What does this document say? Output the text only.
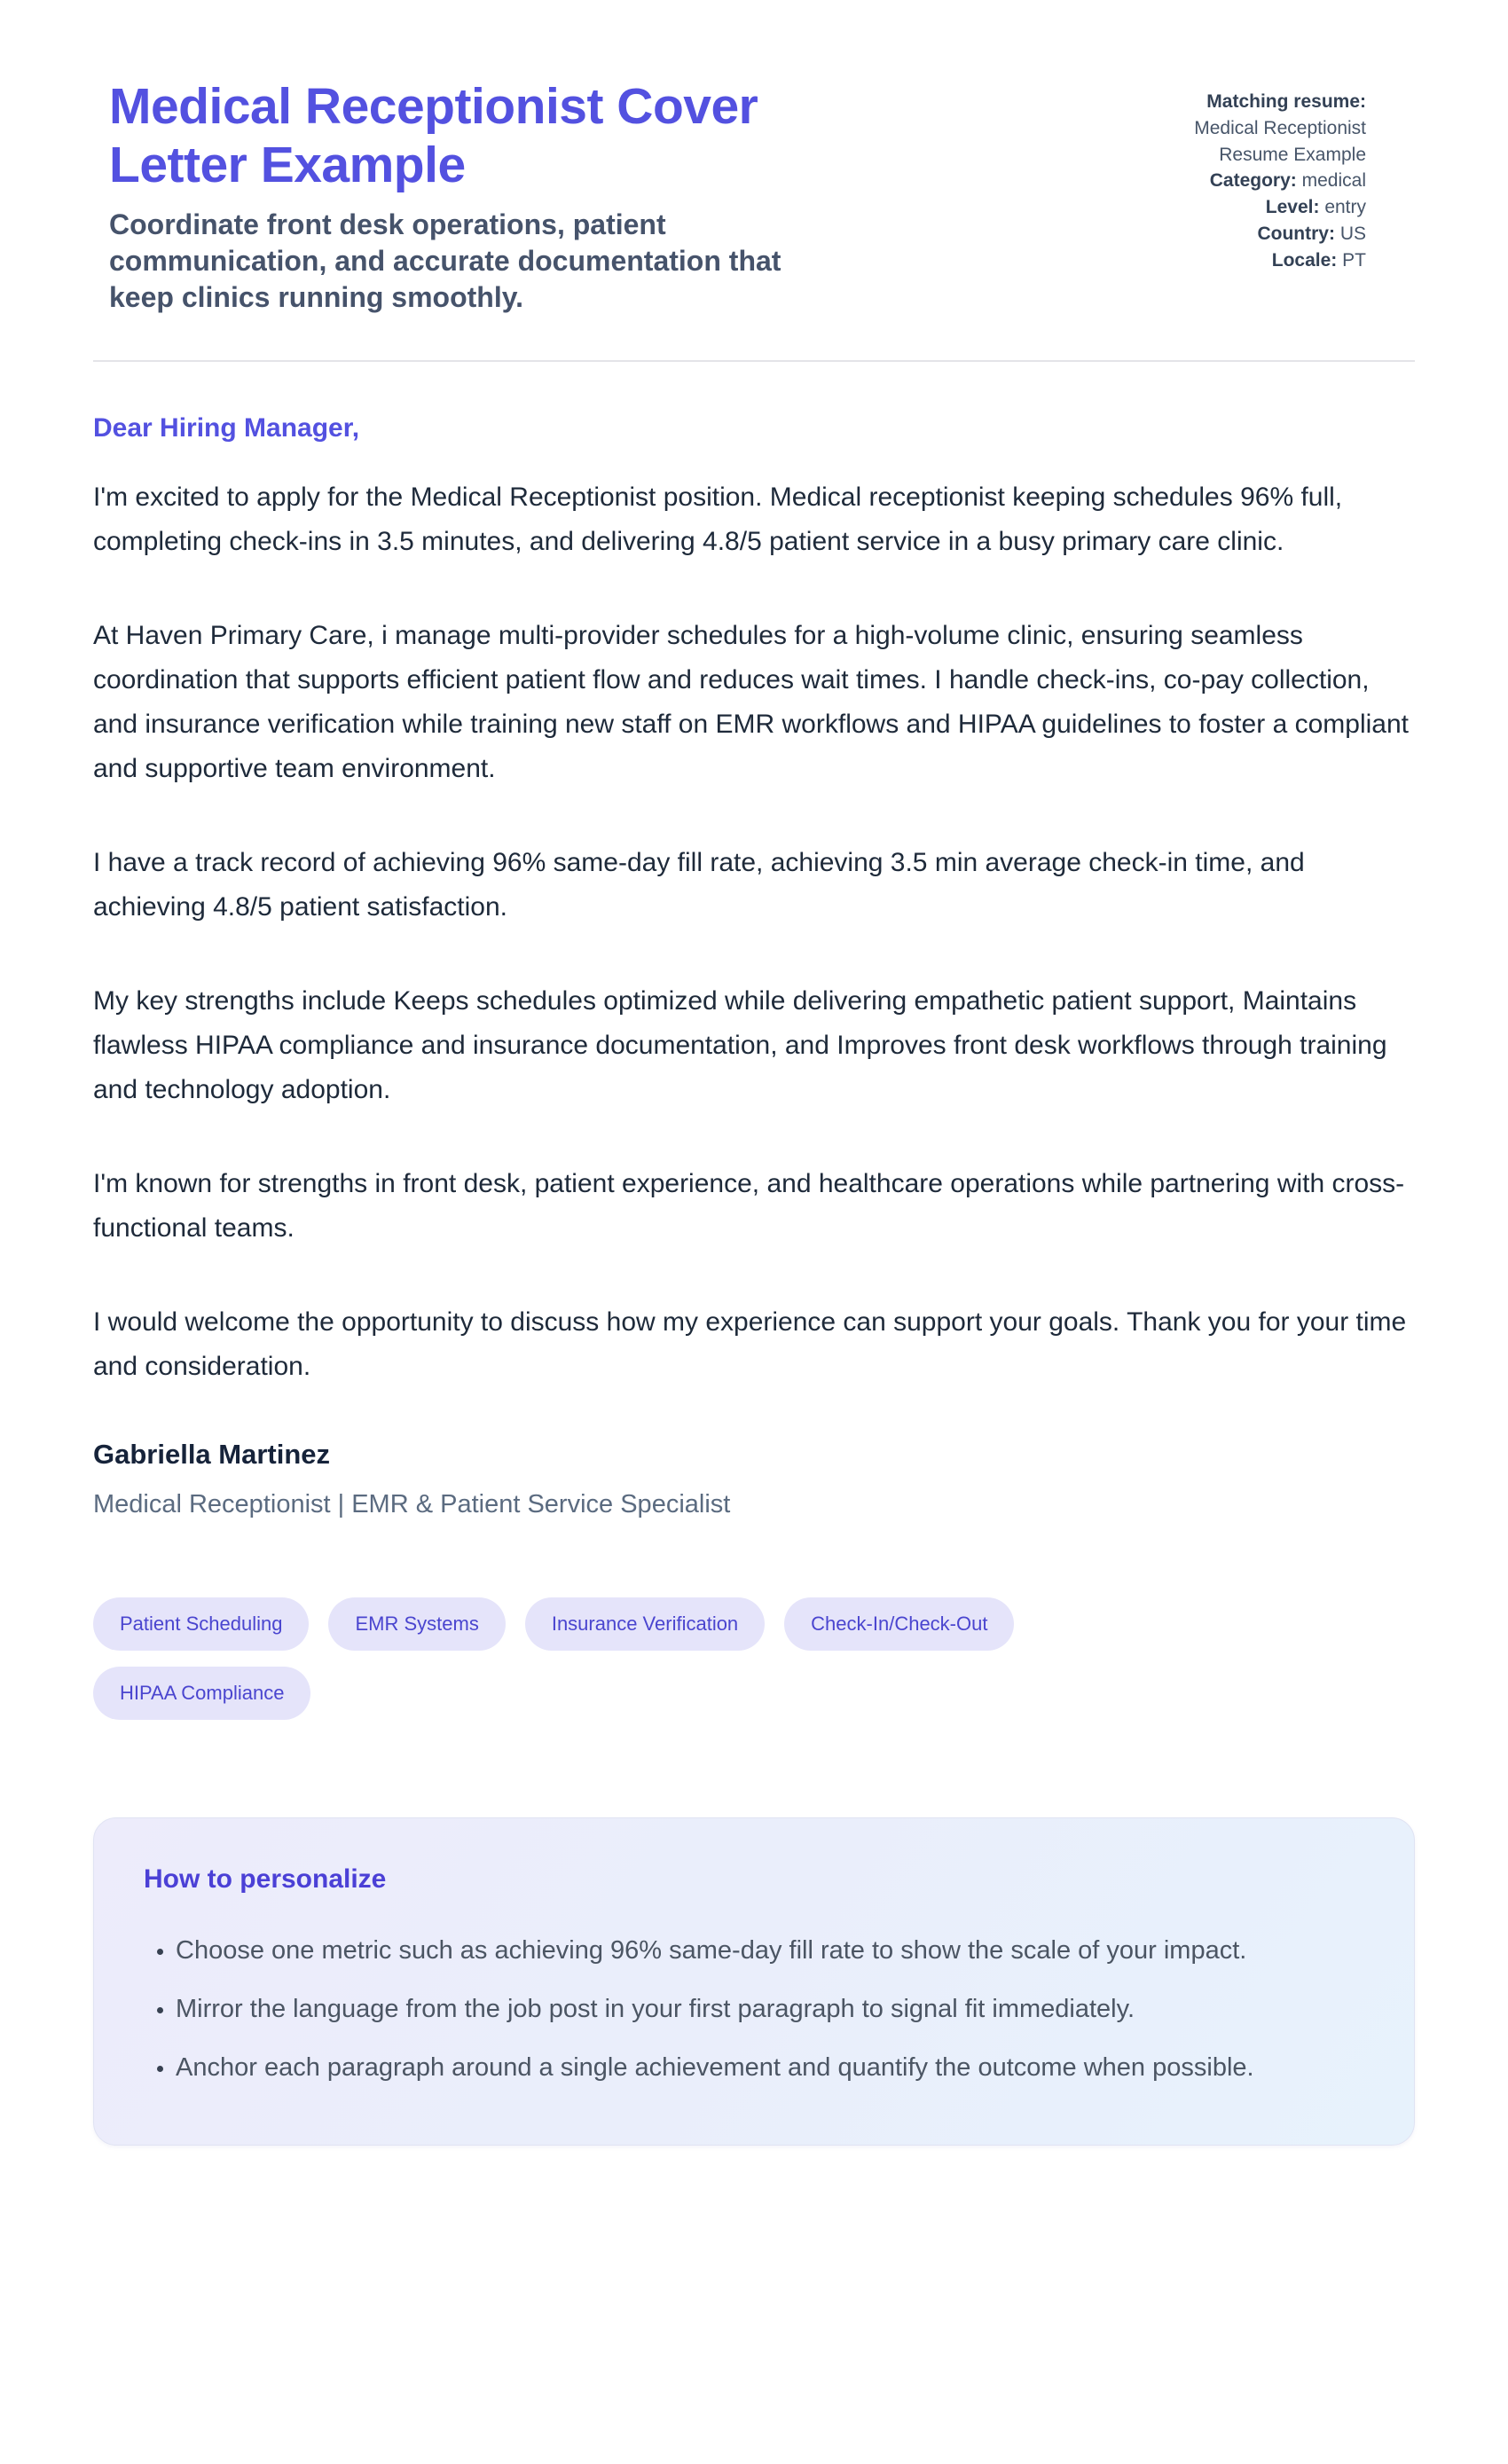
Medical Receptionist Cover Letter Example

Coordinate front desk operations, patient communication, and accurate documentation that keep clinics running smoothly.

Matching resume:
Medical Receptionist Resume Example
Category: medical
Level: entry
Country: US
Locale: PT

Dear Hiring Manager,

I'm excited to apply for the Medical Receptionist position. Medical receptionist keeping schedules 96% full, completing check-ins in 3.5 minutes, and delivering 4.8/5 patient service in a busy primary care clinic.

At Haven Primary Care, i manage multi-provider schedules for a high-volume clinic, ensuring seamless coordination that supports efficient patient flow and reduces wait times. I handle check-ins, co-pay collection, and insurance verification while training new staff on EMR workflows and HIPAA guidelines to foster a compliant and supportive team environment.

I have a track record of achieving 96% same-day fill rate, achieving 3.5 min average check-in time, and achieving 4.8/5 patient satisfaction.

My key strengths include Keeps schedules optimized while delivering empathetic patient support, Maintains flawless HIPAA compliance and insurance documentation, and Improves front desk workflows through training and technology adoption.

I'm known for strengths in front desk, patient experience, and healthcare operations while partnering with cross-functional teams.

I would welcome the opportunity to discuss how my experience can support your goals. Thank you for your time and consideration.

Gabriella Martinez

Medical Receptionist | EMR & Patient Service Specialist

Patient Scheduling	EMR Systems	Insurance Verification	Check-In/Check-Out
HIPAA Compliance
How to personalize
• Choose one metric such as achieving 96% same-day fill rate to show the scale of your impact.
• Mirror the language from the job post in your first paragraph to signal fit immediately.
• Anchor each paragraph around a single achievement and quantify the outcome when possible.
